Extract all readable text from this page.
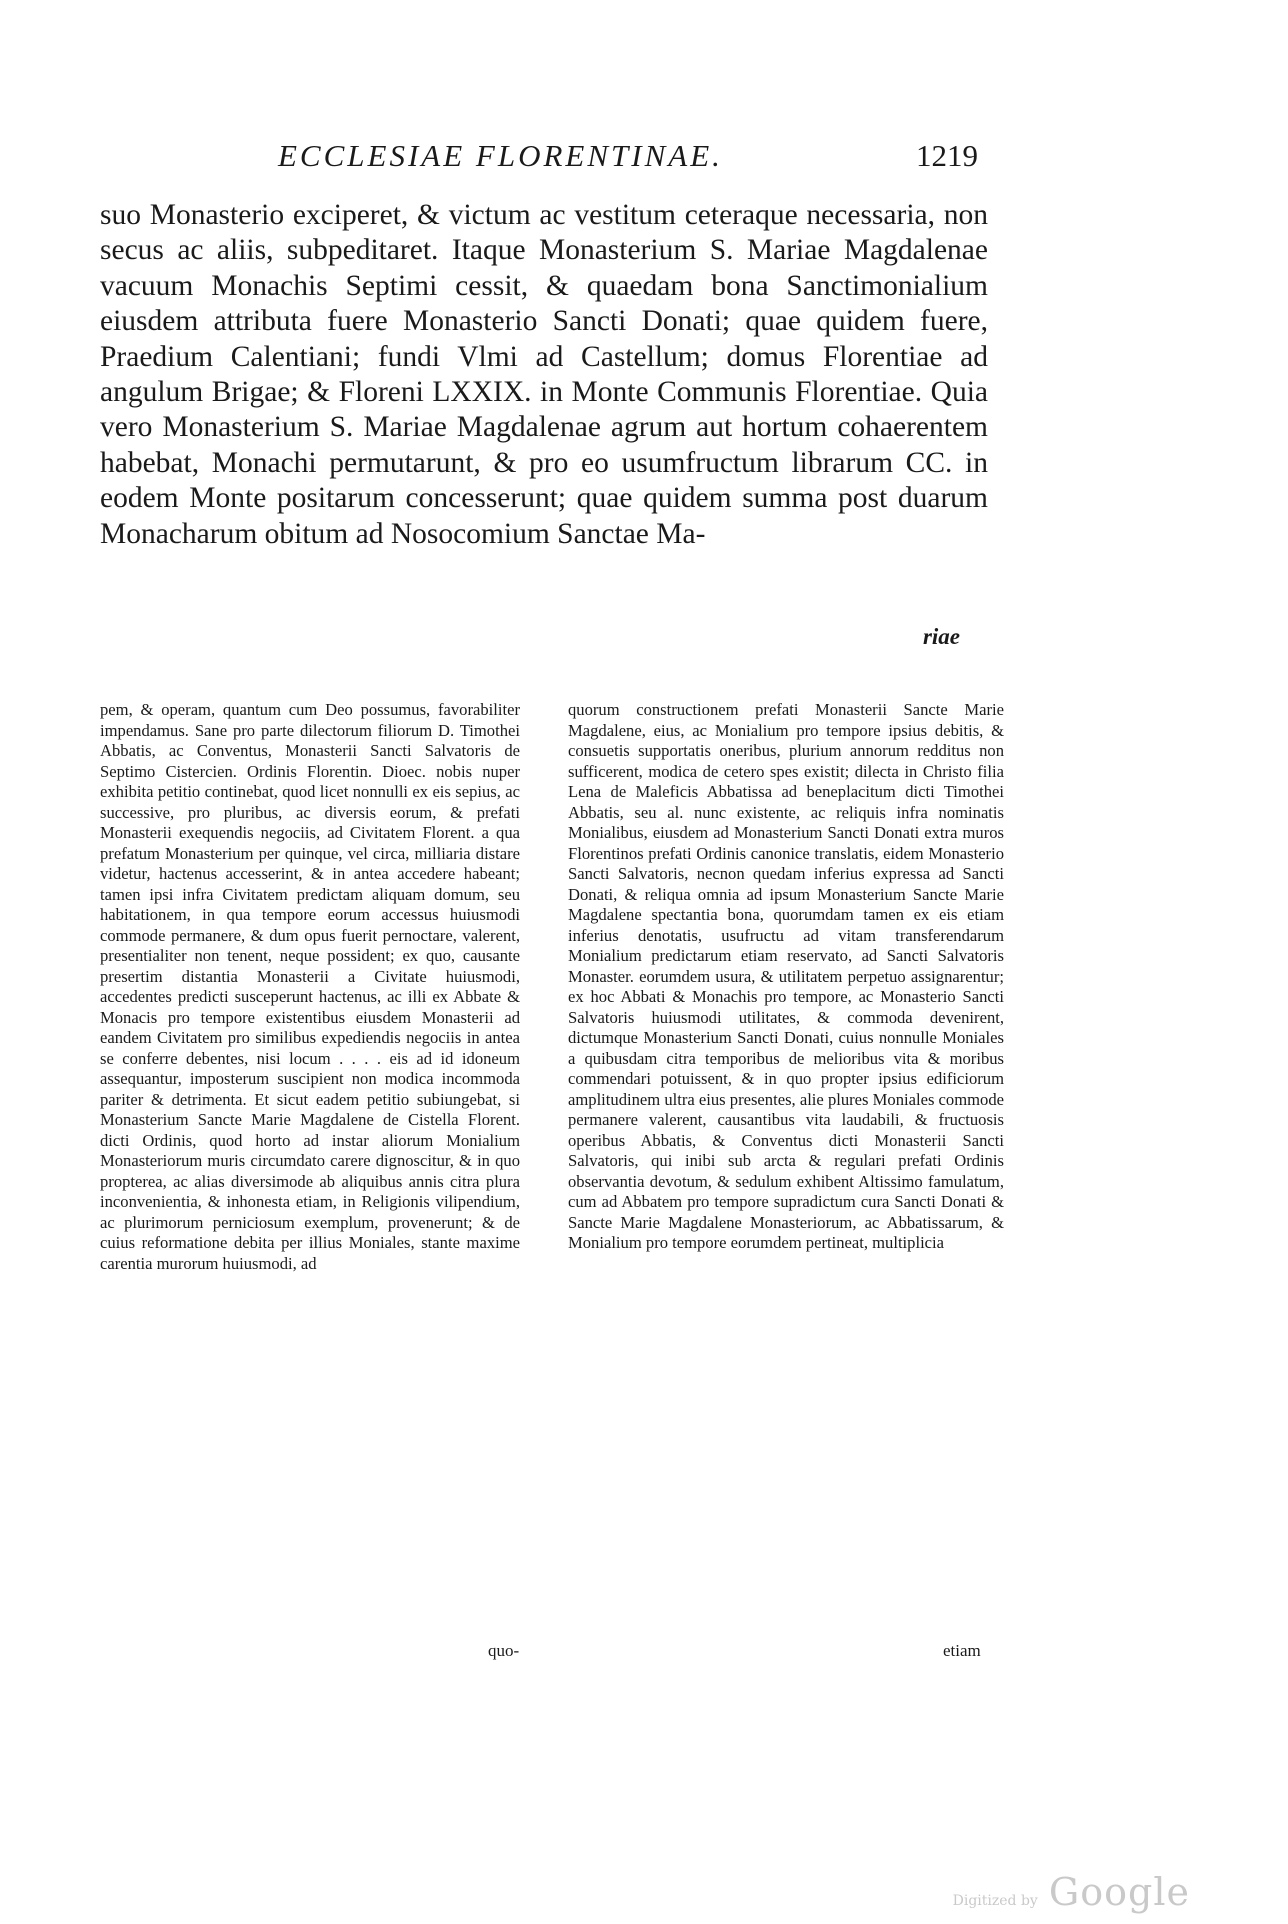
ECCLESIAE FLORENTINAE.	1219

suo Monasterio exciperet, & victum ac vestitum ceteraque necessaria, non secus ac aliis, subpeditaret. Itaque Monasterium S. Mariae Magdalenae vacuum Monachis Septimi cessit, & quaedam bona Sanctimonialium eiusdem attributa fuere Monasterio Sancti Donati; quae quidem fuere, Praedium Calentiani; fundi Vlmi ad Castellum; domus Florentiae ad angulum Brigae; & Floreni LXXIX. in Monte Communis Florentiae. Quia vero Monasterium S. Mariae Magdalenae agrum aut hortum cohaerentem habebat, Monachi permutarunt, & pro eo usumfructum librarum CC. in eodem Monte positarum concesserunt; quae quidem summa post duarum Monacharum obitum ad Nosocomium Sanctae Ma-

riae

pem, & operam, quantum cum Deo possumus, favorabiliter impendamus. Sane pro parte dilectorum filiorum D. Timothei Abbatis, ac Conventus, Monasterii Sancti Salvatoris de Septimo Cistercien. Ordinis Florentin. Dioec. nobis nuper exhibita petitio continebat, quod licet nonnulli ex eis sepius, ac successive, pro pluribus, ac diversis eorum, & prefati Monasterii exequendis negociis, ad Civitatem Florent. a qua prefatum Monasterium per quinque, vel circa, milliaria distare videtur, hactenus accesserint, & in antea accedere habeant; tamen ipsi infra Civitatem predictam aliquam domum, seu habitationem, in qua tempore eorum accessus huiusmodi commode permanere, & dum opus fuerit pernoctare, valerent, presentialiter non tenent, neque possident; ex quo, causante presertim distantia Monasterii a Civitate huiusmodi, accedentes predicti susceperunt hactenus, ac illi ex Abbate & Monacis pro tempore existentibus eiusdem Monasterii ad eandem Civitatem pro similibus expediendis negociis in antea se conferre debentes, nisi locum . . . . eis ad id idoneum assequantur, imposterum suscipient non modica incommoda pariter & detrimenta. Et sicut eadem petitio subiungebat, si Monasterium Sancte Marie Magdalene de Cistella Florent. dicti Ordinis, quod horto ad instar aliorum Monialium Monasteriorum muris circumdato carere dignoscitur, & in quo propterea, ac alias diversimode ab aliquibus annis citra plura inconvenientia, & inhonesta etiam, in Religionis vilipendium, ac plurimorum perniciosum exemplum, provenerunt; & de cuius reformatione debita per illius Moniales, stante maxime carentia murorum huiusmodi, ad

quo-

quorum constructionem prefati Monasterii Sancte Marie Magdalene, eius, ac Monialium pro tempore ipsius debitis, & consuetis supportatis oneribus, plurium annorum redditus non sufficerent, modica de cetero spes existit; dilecta in Christo filia Lena de Maleficis Abbatissa ad beneplacitum dicti Timothei Abbatis, seu al. nunc existente, ac reliquis infra nominatis Monialibus, eiusdem ad Monasterium Sancti Donati extra muros Florentinos prefati Ordinis canonice translatis, eidem Monasterio Sancti Salvatoris, necnon quedam inferius expressa ad Sancti Donati, & reliqua omnia ad ipsum Monasterium Sancte Marie Magdalene spectantia bona, quorumdam tamen ex eis etiam inferius denotatis, usufructu ad vitam transferendarum Monialium predictarum etiam reservato, ad Sancti Salvatoris Monaster. eorumdem usura, & utilitatem perpetuo assignarentur; ex hoc Abbati & Monachis pro tempore, ac Monasterio Sancti Salvatoris huiusmodi utilitates, & commoda devenirent, dictumque Monasterium Sancti Donati, cuius nonnulle Moniales a quibusdam citra temporibus de melioribus vita & moribus commendari potuissent, & in quo propter ipsius edificiorum amplitudinem ultra eius presentes, alie plures Moniales commode permanere valerent, causantibus vita laudabili, & fructuosis operibus Abbatis, & Conventus dicti Monasterii Sancti Salvatoris, qui inibi sub arcta & regulari prefati Ordinis observantia devotum, & sedulum exhibent Altissimo famulatum, cum ad Abbatem pro tempore supradictum cura Sancti Donati & Sancte Marie Magdalene Monasteriorum, ac Abbatissarum, & Monialium pro tempore eorumdem pertineat, multiplicia

etiam
Digitized by Google
